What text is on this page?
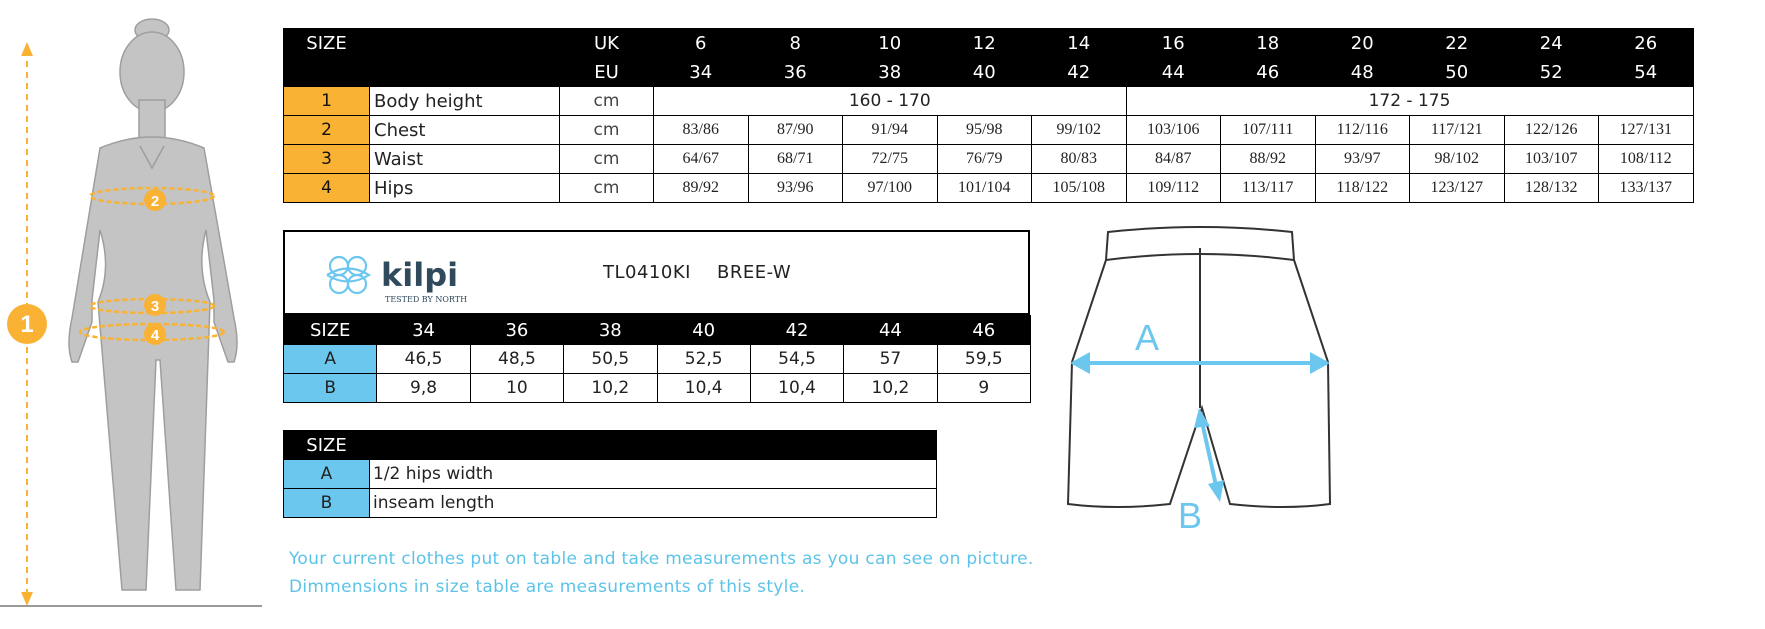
1
2
3
4
SIZE		UK	6	8	10	12	14	16	18	20	22	24	26
		EU	34	36	38	40	42	44	46	48	50	52	54
1	Body height	cm	160 - 170					172 - 175					
2	Chest	cm	83/86	87/90	91/94	95/98	99/102	103/106	107/111	112/116	117/121	122/126	127/131
3	Waist	cm	64/67	68/71	72/75	76/79	80/83	84/87	88/92	93/97	98/102	103/107	108/112
4	Hips	cm	89/92	93/96	97/100	101/104	105/108	109/112	113/117	118/122	123/127	128/132	133/137
kilpi
TESTED BY NORTH
TL0410KI BREE-W
SIZE	34	36	38	40	42	44	46
A	46,5	48,5	50,5	52,5	54,5	57	59,5
B	9,8	10	10,2	10,4	10,4	10,2	9
SIZE	
A	1/2 hips width
B	inseam length
A
B
Your current clothes put on table and take measurements as you can see on picture.
Dimmensions in size table are measurements of this style.
